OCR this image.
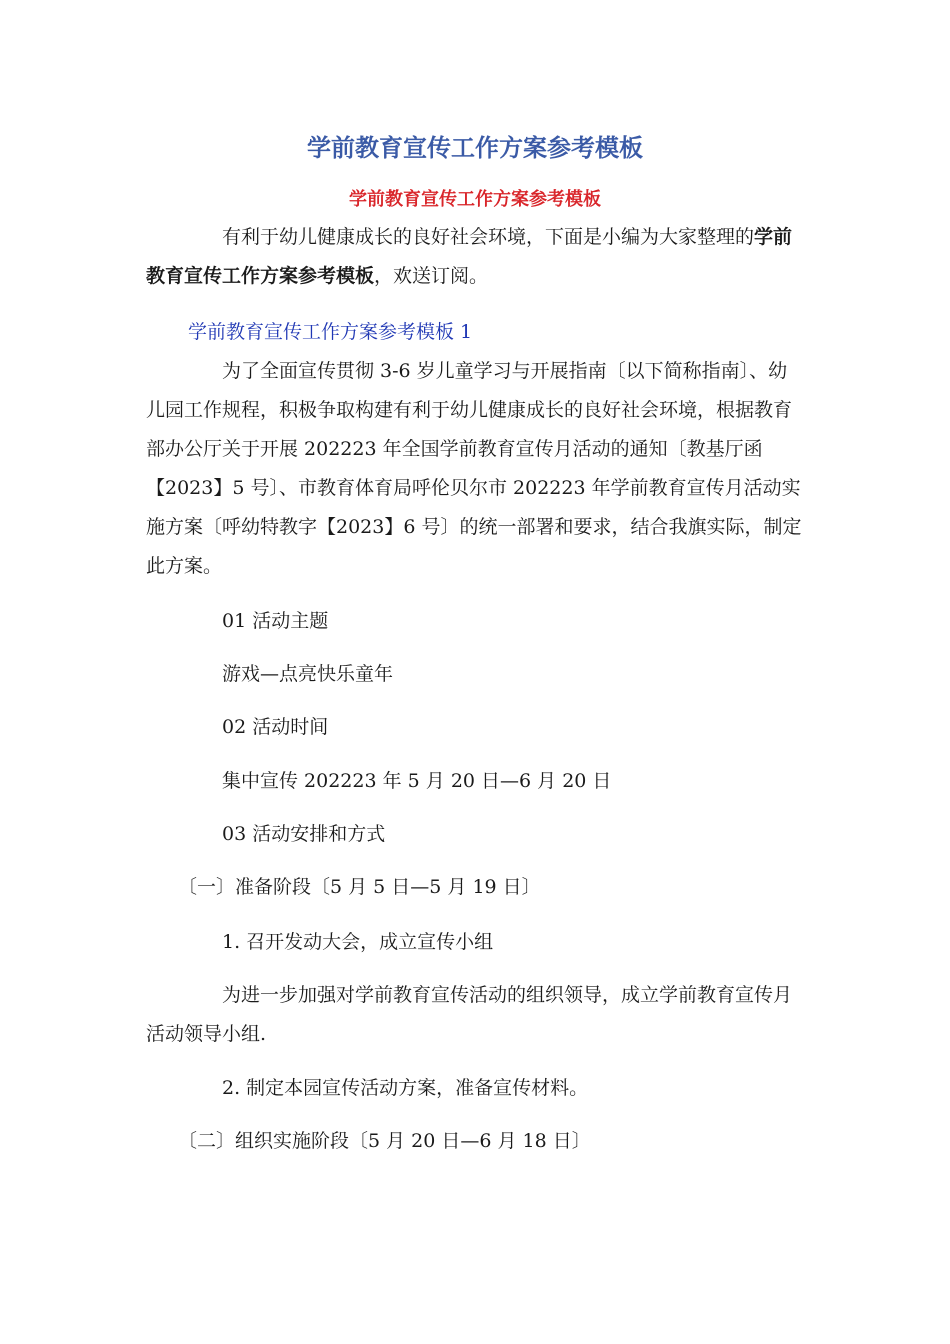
学前教育宣传工作方案参考模板
学前教育宣传工作方案参考模板

有利于幼儿健康成长的良好社会环境，下面是小编为大家整理的学前教育宣传工作方案参考模板，欢送订阅。

学前教育宣传工作方案参考模板 1

为了全面宣传贯彻 3-6 岁儿童学习与开展指南〔以下简称指南〕、幼儿园工作规程，积极争取构建有利于幼儿健康成长的良好社会环境，根据教育部办公厅关于开展 202223 年全国学前教育宣传月活动的通知〔教基厅函【2023】5 号〕、市教育体育局呼伦贝尔市 202223 年学前教育宣传月活动实施方案〔呼幼特教字【2023】6 号〕的统一部署和要求，结合我旗实际，制定此方案。

01 活动主题
游戏—点亮快乐童年
02 活动时间
集中宣传 202223 年 5 月 20 日—6 月 20 日
03 活动安排和方式
〔一〕准备阶段〔5 月 5 日—5 月 19 日〕
1. 召开发动大会，成立宣传小组

为进一步加强对学前教育宣传活动的组织领导，成立学前教育宣传月活动领导小组.

2. 制定本园宣传活动方案，准备宣传材料。
〔二〕组织实施阶段〔5 月 20 日—6 月 18 日〕
